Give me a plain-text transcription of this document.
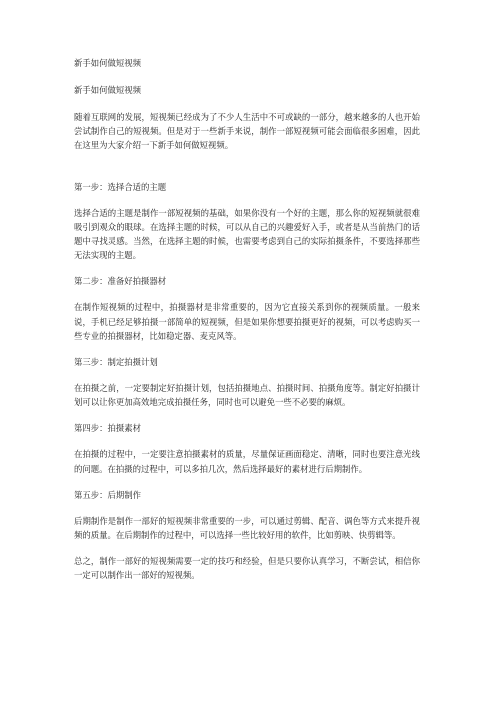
新手如何做短视频

新手如何做短视频

随着互联网的发展，短视频已经成为了不少人生活中不可或缺的一部分，越来越多的人也开始尝试制作自己的短视频。但是对于一些新手来说，制作一部短视频可能会面临很多困难，因此在这里为大家介绍一下新手如何做短视频。

第一步：选择合适的主题

选择合适的主题是制作一部短视频的基础，如果你没有一个好的主题，那么你的短视频就很难吸引到观众的眼球。在选择主题的时候，可以从自己的兴趣爱好入手，或者是从当前热门的话题中寻找灵感。当然，在选择主题的时候，也需要考虑到自己的实际拍摄条件，不要选择那些无法实现的主题。

第二步：准备好拍摄器材

在制作短视频的过程中，拍摄器材是非常重要的，因为它直接关系到你的视频质量。一般来说，手机已经足够拍摄一部简单的短视频，但是如果你想要拍摄更好的视频，可以考虑购买一些专业的拍摄器材，比如稳定器、麦克风等。

第三步：制定拍摄计划

在拍摄之前，一定要制定好拍摄计划，包括拍摄地点、拍摄时间、拍摄角度等。制定好拍摄计划可以让你更加高效地完成拍摄任务，同时也可以避免一些不必要的麻烦。

第四步：拍摄素材

在拍摄的过程中，一定要注意拍摄素材的质量，尽量保证画面稳定、清晰，同时也要注意光线的问题。在拍摄的过程中，可以多拍几次，然后选择最好的素材进行后期制作。

第五步：后期制作

后期制作是制作一部好的短视频非常重要的一步，可以通过剪辑、配音、调色等方式来提升视频的质量。在后期制作的过程中，可以选择一些比较好用的软件，比如剪映、快剪辑等。

总之，制作一部好的短视频需要一定的技巧和经验，但是只要你认真学习，不断尝试，相信你一定可以制作出一部好的短视频。
